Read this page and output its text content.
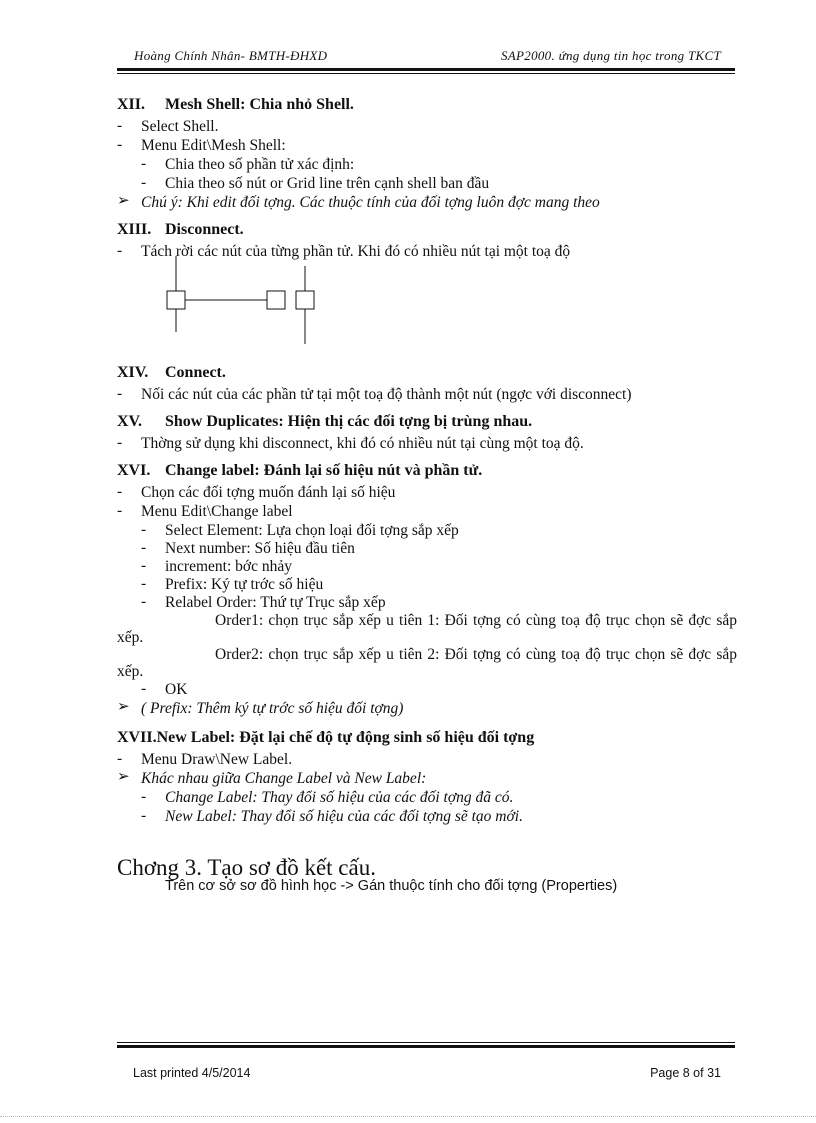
Hoàng Chính Nhân- BMTH-ĐHXD	SAP2000. ứng dụng tin học trong TKCT
XII. Mesh Shell: Chia nhỏ Shell.
- Select Shell.
- Menu Edit\Mesh Shell:
- Chia theo số phần tử xác định:
- Chia theo số nút or Grid line trên cạnh shell ban đầu
➢ Chú ý: Khi edit đối tợng. Các thuộc tính của đối tợng luôn đợc mang theo
XIII. Disconnect.
- Tách rời các nút của từng phần tử. Khi đó có nhiều nút tại một toạ độ
XIV. Connect.
- Nối các nút của các phần tử tại một toạ độ thành một nút (ngợc với disconnect)
XV. Show Duplicates: Hiện thị các đối tợng bị trùng nhau.
- Thờng sử dụng khi disconnect, khi đó có nhiều nút tại cùng một toạ độ.
XVI. Change label: Đánh lại số hiệu nút và phần tử.
- Chọn các đối tợng muốn đánh lại số hiệu
- Menu Edit\Change label
- Select Element: Lựa chọn loại đối tợng sắp xếp
- Next number: Số hiệu đầu tiên
- increment: bớc nhảy
- Prefix: Ký tự trớc số hiệu
- Relabel Order: Thứ tự Trục sắp xếp
Order1: chọn trục sắp xếp u tiên 1: Đối tợng có cùng toạ độ trục chọn sẽ đợc sắp xếp.
Order2: chọn trục sắp xếp u tiên 2: Đối tợng có cùng toạ độ trục chọn sẽ đợc sắp xếp.
- OK
➢ ( Prefix: Thêm ký tự trớc số hiệu đối tợng)
XVII.New Label: Đặt lại chế độ tự động sinh số hiệu đối tợng
- Menu Draw\New Label.
➢ Khác nhau giữa Change Label và New Label:
- Change Label: Thay đổi số hiệu của các đối tợng đã có.
- New Label: Thay đổi số hiệu của các đối tợng sẽ tạo mới.
Chơng 3. Tạo sơ đồ kết cấu.
Trên cơ sở sơ đồ hình học -> Gán thuộc tính cho đối tợng (Properties)
Last printed 4/5/2014	Page 8 of 31
